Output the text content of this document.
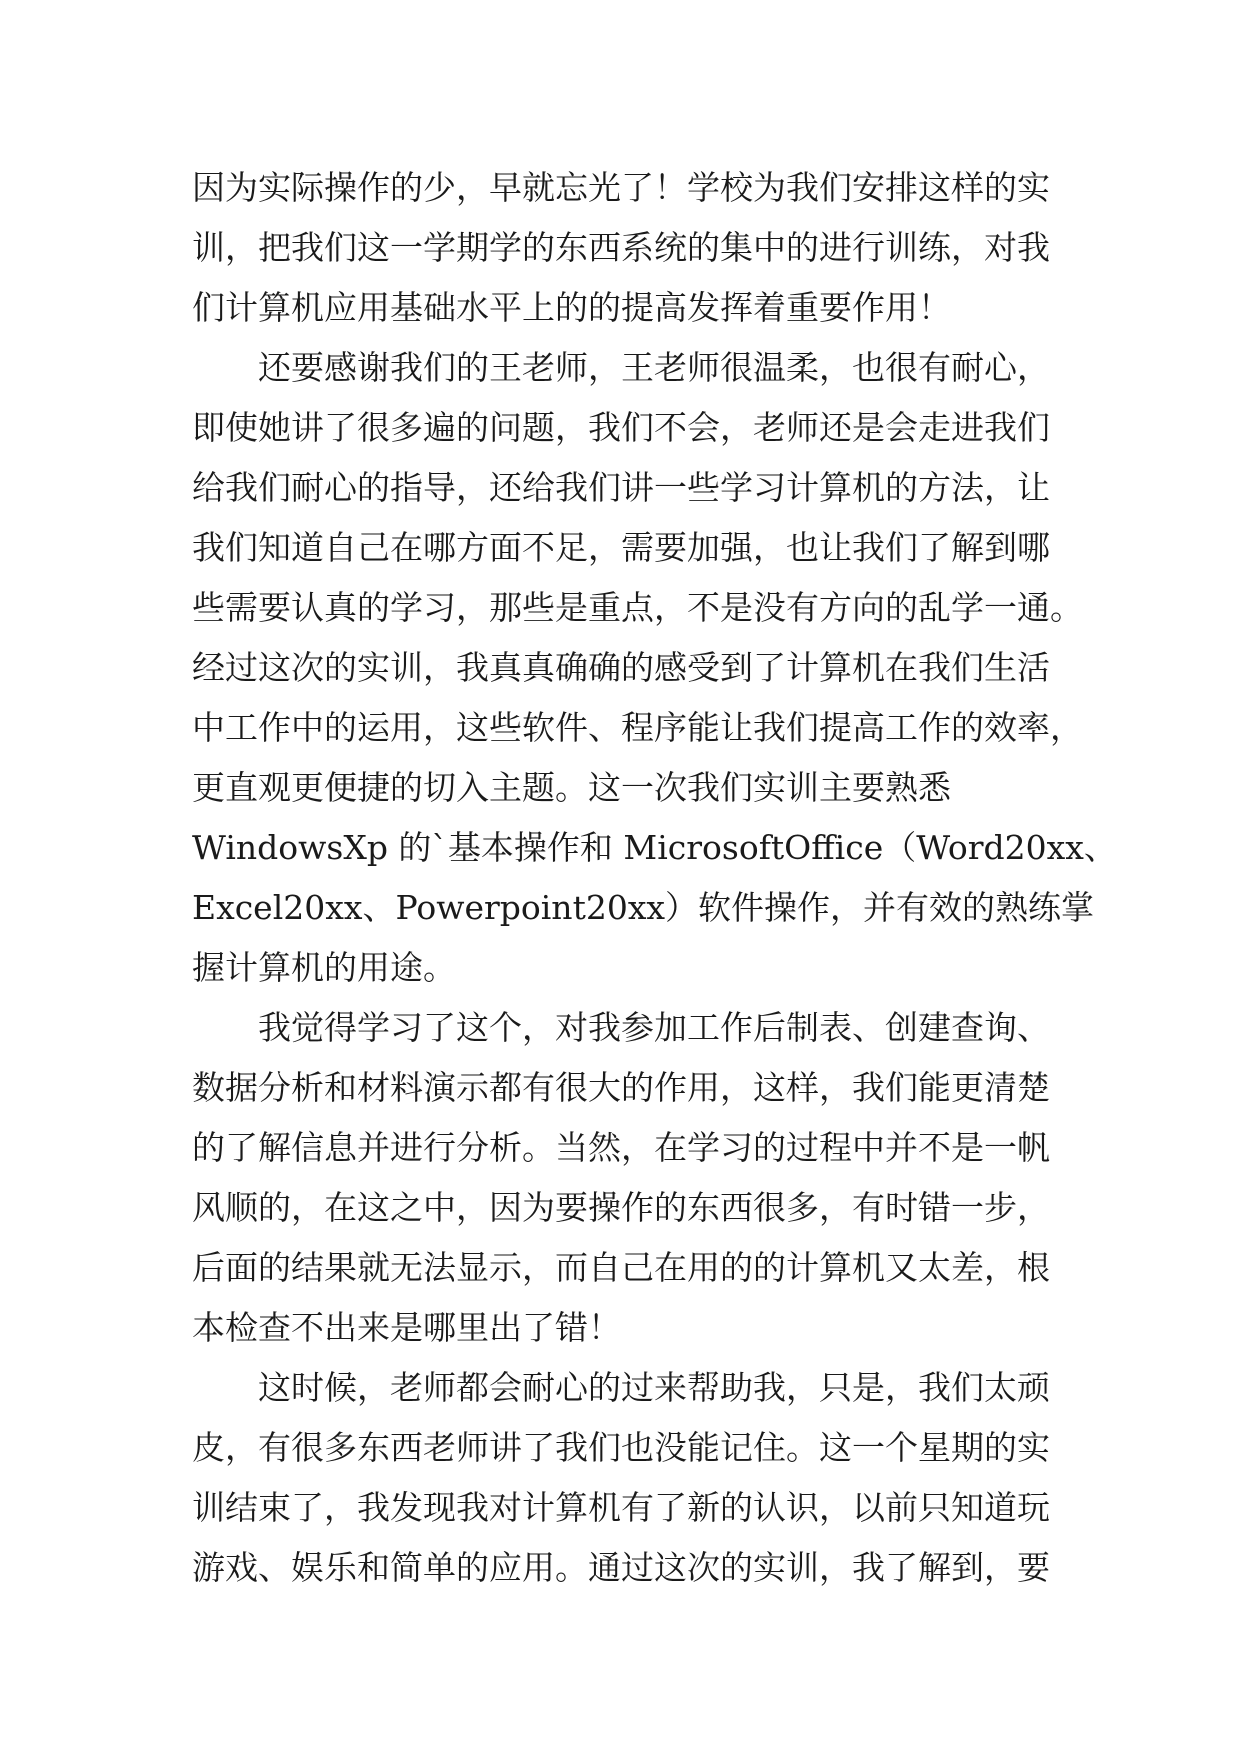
因为实际操作的少，早就忘光了！学校为我们安排这样的实
训，把我们这一学期学的东西系统的集中的进行训练，对我
们计算机应用基础水平上的的提高发挥着重要作用！
还要感谢我们的王老师，王老师很温柔，也很有耐心，
即使她讲了很多遍的问题，我们不会，老师还是会走进我们
给我们耐心的指导，还给我们讲一些学习计算机的方法，让
我们知道自己在哪方面不足，需要加强，也让我们了解到哪
些需要认真的学习，那些是重点，不是没有方向的乱学一通。
经过这次的实训，我真真确确的感受到了计算机在我们生活
中工作中的运用，这些软件、程序能让我们提高工作的效率，
更直观更便捷的切入主题。这一次我们实训主要熟悉
WindowsXp 的`基本操作和 MicrosoftOffice（Word20xx、
Excel20xx、Powerpoint20xx）软件操作，并有效的熟练掌
握计算机的用途。
我觉得学习了这个，对我参加工作后制表、创建查询、
数据分析和材料演示都有很大的作用，这样，我们能更清楚
的了解信息并进行分析。当然，在学习的过程中并不是一帆
风顺的，在这之中，因为要操作的东西很多，有时错一步，
后面的结果就无法显示，而自己在用的的计算机又太差，根
本检查不出来是哪里出了错！
这时候，老师都会耐心的过来帮助我，只是，我们太顽
皮，有很多东西老师讲了我们也没能记住。这一个星期的实
训结束了，我发现我对计算机有了新的认识，以前只知道玩
游戏、娱乐和简单的应用。通过这次的实训，我了解到，要
